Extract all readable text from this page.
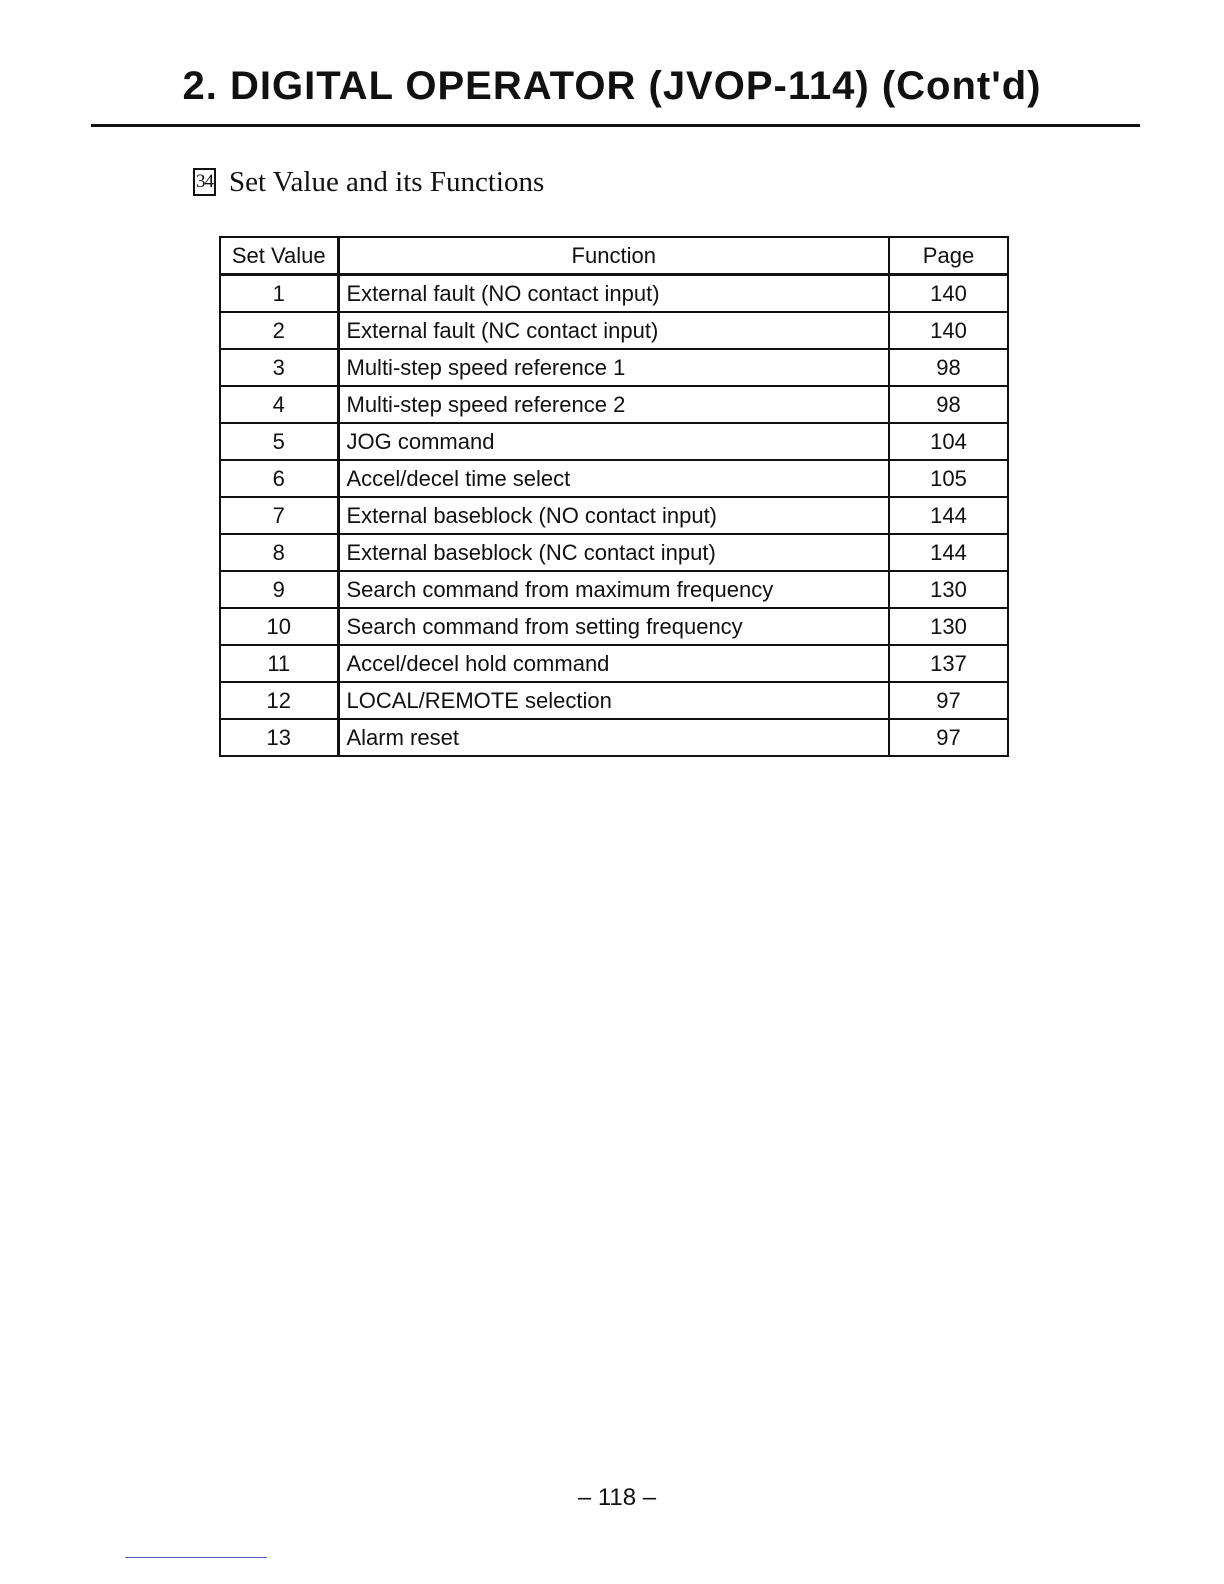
2. DIGITAL OPERATOR (JVOP-114) (Cont'd)
34 Set Value and its Functions
Set Value	Function	Page
1	External fault (NO contact input)	140
2	External fault (NC contact input)	140
3	Multi-step speed reference 1	98
4	Multi-step speed reference 2	98
5	JOG command	104
6	Accel/decel time select	105
7	External baseblock (NO contact input)	144
8	External baseblock (NC contact input)	144
9	Search command from maximum frequency	130
10	Search command from setting frequency	130
11	Accel/decel hold command	137
12	LOCAL/REMOTE selection	97
13	Alarm reset	97
– 118 –
